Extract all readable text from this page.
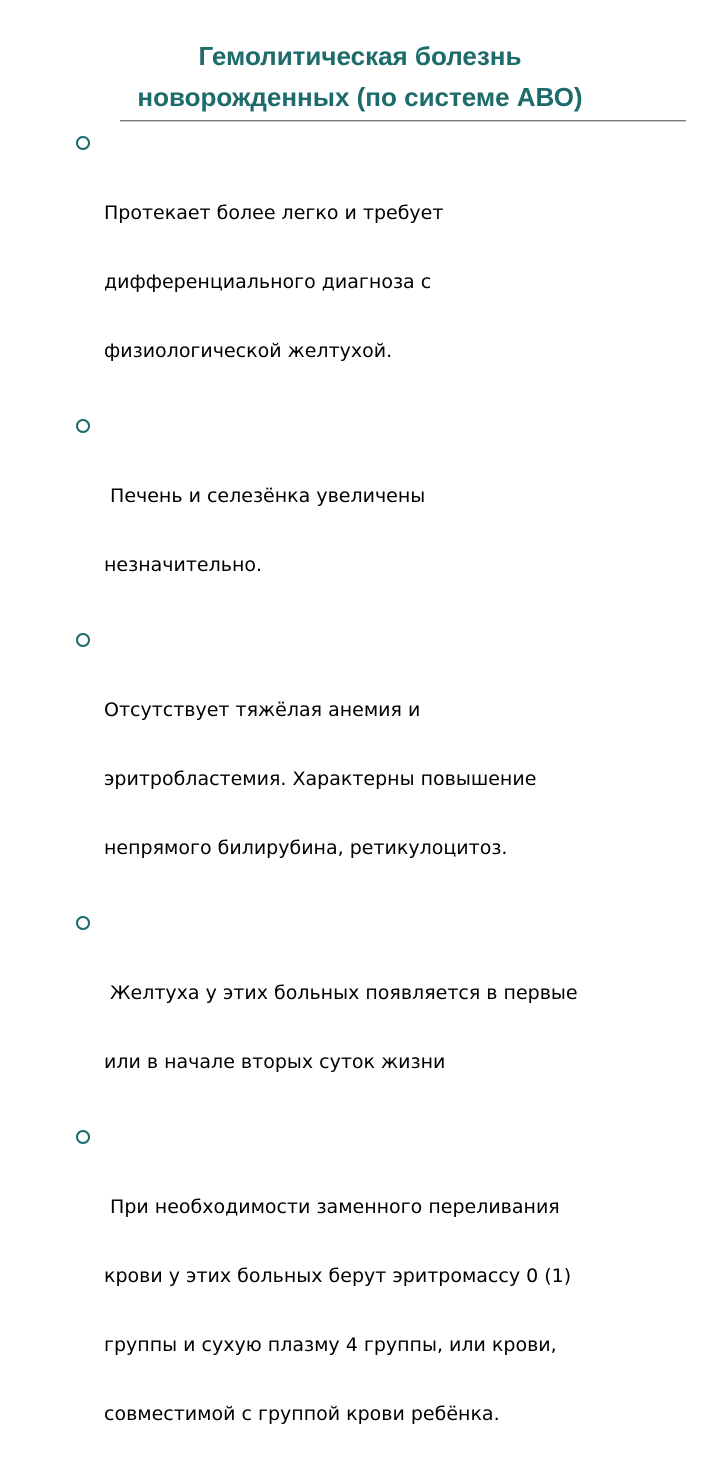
Гемолитическая болезнь
новорожденных (по системе АВО)

Протекает более легко и требует

дифференциального диагноза с

физиологической желтухой.

Печень и селезёнка увеличены

незначительно.

Отсутствует тяжёлая анемия и

эритробластемия. Характерны повышение

непрямого билирубина, ретикулоцитоз.

Желтуха у этих больных появляется в первые

или в начале вторых суток жизни

При необходимости заменного переливания

крови у этих больных берут эритромассу 0 (1)

группы и сухую плазму 4 группы, или крови,

совместимой с группой крови ребёнка.
